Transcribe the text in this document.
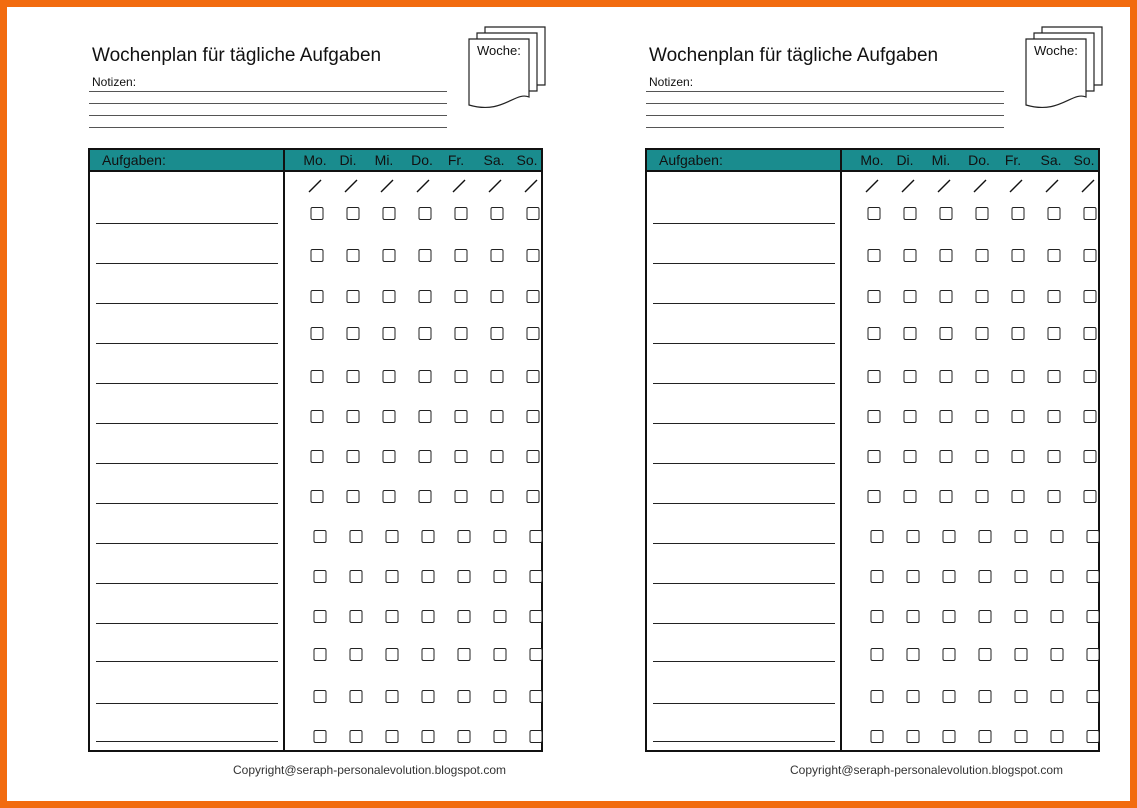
Wochenplan für tägliche Aufgaben
Notizen:
Woche:
Aufgaben:	Mo. Di. Mi. Do. Fr. Sa. So.
Copyright@seraph-personalevolution.blogspot.com
Wochenplan für tägliche Aufgaben
Notizen:
Woche:
Aufgaben:	Mo. Di. Mi. Do. Fr. Sa. So.
Copyright@seraph-personalevolution.blogspot.com
